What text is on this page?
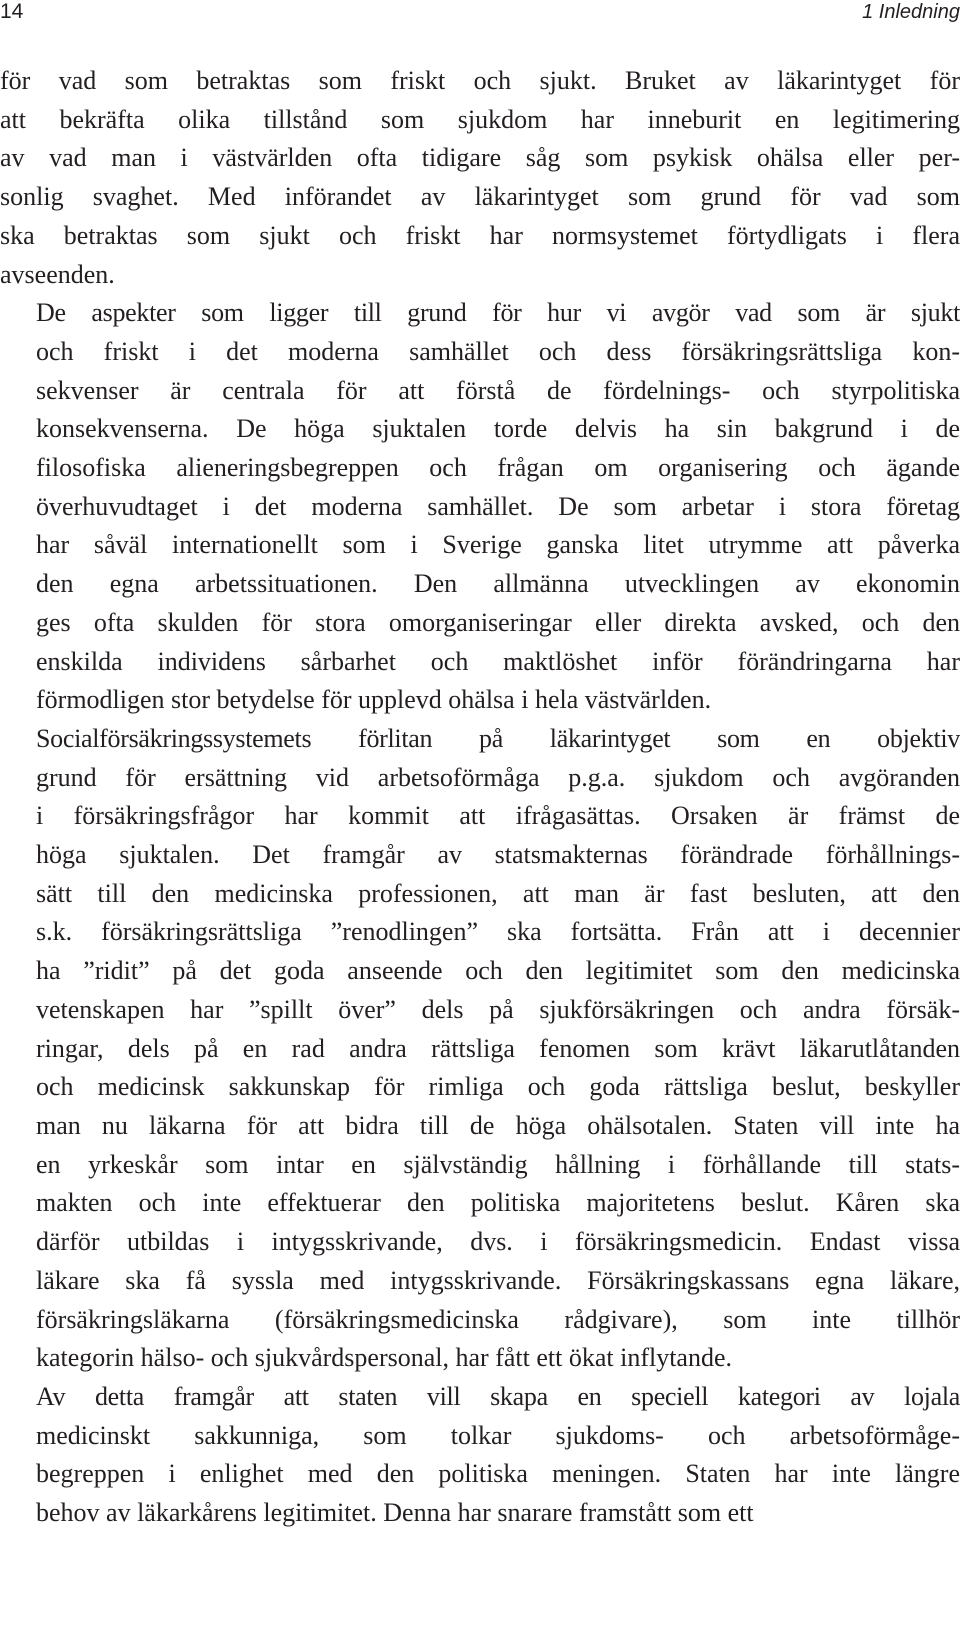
14	1 Inledning

för vad som betraktas som friskt och sjukt. Bruket av läkarintyget för
att bekräfta olika tillstånd som sjukdom har inneburit en legitimering
av vad man i västvärlden ofta tidigare såg som psykisk ohälsa eller per-
sonlig svaghet. Med införandet av läkarintyget som grund för vad som
ska betraktas som sjukt och friskt har normsystemet förtydligats i flera
avseenden.

De aspekter som ligger till grund för hur vi avgör vad som är sjukt
och friskt i det moderna samhället och dess försäkringsrättsliga kon-
sekvenser är centrala för att förstå de fördelnings- och styrpolitiska
konsekvenserna. De höga sjuktalen torde delvis ha sin bakgrund i de
filosofiska alieneringsbegreppen och frågan om organisering och ägande
överhuvudtaget i det moderna samhället. De som arbetar i stora företag
har såväl internationellt som i Sverige ganska litet utrymme att påverka
den egna arbetssituationen. Den allmänna utvecklingen av ekonomin
ges ofta skulden för stora omorganiseringar eller direkta avsked, och den
enskilda individens sårbarhet och maktlöshet inför förändringarna har
förmodligen stor betydelse för upplevd ohälsa i hela västvärlden.

Socialförsäkringssystemets förlitan på läkarintyget som en objektiv
grund för ersättning vid arbetsoförmåga p.g.a. sjukdom och avgöranden
i försäkringsfrågor har kommit att ifrågasättas. Orsaken är främst de
höga sjuktalen. Det framgår av statsmakternas förändrade förhållnings-
sätt till den medicinska professionen, att man är fast besluten, att den
s.k. försäkringsrättsliga ”renodlingen” ska fortsätta. Från att i decennier
ha ”ridit” på det goda anseende och den legitimitet som den medicinska
vetenskapen har ”spillt över” dels på sjukförsäkringen och andra försäk-
ringar, dels på en rad andra rättsliga fenomen som krävt läkarutlåtanden
och medicinsk sakkunskap för rimliga och goda rättsliga beslut, beskyller
man nu läkarna för att bidra till de höga ohälsotalen. Staten vill inte ha
en yrkeskår som intar en självständig hållning i förhållande till stats-
makten och inte effektuerar den politiska majoritetens beslut. Kåren ska
därför utbildas i intygsskrivande, dvs. i försäkringsmedicin. Endast vissa
läkare ska få syssla med intygsskrivande. Försäkringskassans egna läkare,
försäkringsläkarna (försäkringsmedicinska rådgivare), som inte tillhör
kategorin hälso- och sjukvårdspersonal, har fått ett ökat inflytande.

Av detta framgår att staten vill skapa en speciell kategori av lojala
medicinskt sakkunniga, som tolkar sjukdoms- och arbetsoförmåge-
begreppen i enlighet med den politiska meningen. Staten har inte längre
behov av läkarkårens legitimitet. Denna har snarare framstått som ett
